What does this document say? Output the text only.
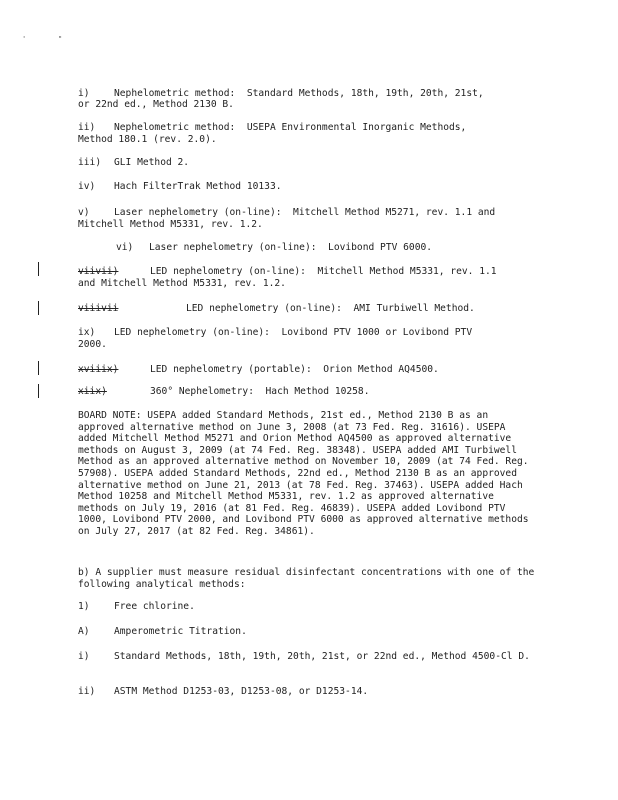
'	"

i)	Nephelometric method:  Standard Methods, 18th, 19th, 20th, 21st,

or 22nd ed., Method 2130 B.

ii) Nephelometric method:  USEPA Environmental Inorganic Methods,

Method 180.1 (rev. 2.0).

iii) GLI Method 2.

iv) Hach FilterTrak Method 10133.

v)	Laser nephelometry (on-line):  Mitchell Method M5271, rev. 1.1 and

Mitchell Method M5331, rev. 1.2.

vi) Laser nephelometry (on-line):  Lovibond PTV 6000.

viivii)	LED nephelometry (on-line):  Mitchell Method M5331, rev. 1.1

and Mitchell Method M5331, rev. 1.2.

viiivii	LED nephelometry (on-line):  AMI Turbiwell Method.

ix) LED nephelometry (on-line):  Lovibond PTV 1000 or Lovibond PTV

2000.

xviiix)	LED nephelometry (portable):  Orion Method AQ4500.

xiix)	360° Nephelometry:  Hach Method 10258.

BOARD NOTE: USEPA added Standard Methods, 21st ed., Method 2130 B as an approved alternative method on June 3, 2008 (at 73 Fed. Reg. 31616). USEPA added Mitchell Method M5271 and Orion Method AQ4500 as approved alternative methods on August 3, 2009 (at 74 Fed. Reg. 38348). USEPA added AMI Turbiwell Method as an approved alternative method on November 10, 2009 (at 74 Fed. Reg. 57908). USEPA added Standard Methods, 22nd ed., Method 2130 B as an approved alternative method on June 21, 2013 (at 78 Fed. Reg. 37463). USEPA added Hach Method 10258 and Mitchell Method M5331, rev. 1.2 as approved alternative methods on July 19, 2016 (at 81 Fed. Reg. 46839). USEPA added Lovibond PTV 1000, Lovibond PTV 2000, and Lovibond PTV 6000 as approved alternative methods on July 27, 2017 (at 82 Fed. Reg. 34861).

b) A supplier must measure residual disinfectant concentrations with one of the following analytical methods:

1)	Free chlorine.

A)	Amperometric Titration.

i)	Standard Methods, 18th, 19th, 20th, 21st, or 22nd ed., Method 4500-Cl D.

ii) ASTM Method D1253-03, D1253-08, or D1253-14.
